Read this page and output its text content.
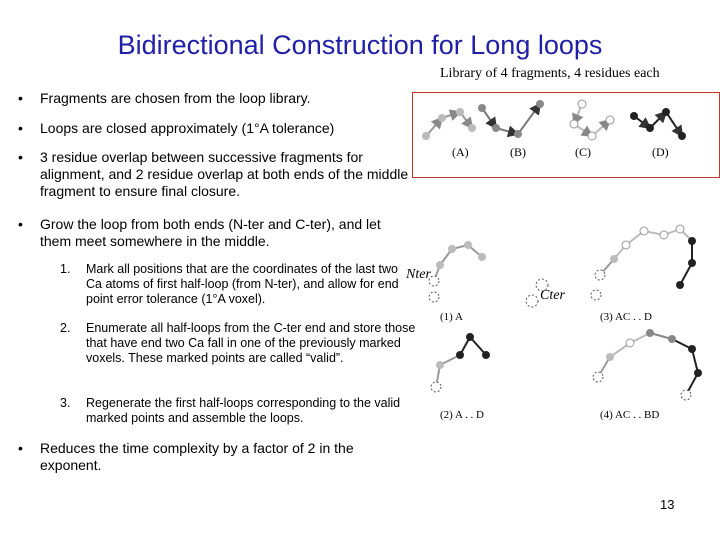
Bidirectional Construction for Long loops
• Fragments are chosen from the loop library.
• Loops are closed approximately (1°A tolerance)
• 3 residue overlap between successive fragments for alignment, and 2 residue overlap at both ends of the middle fragment to ensure final closure.
• Grow the loop from both ends (N-ter and C-ter), and let them meet somewhere in the middle.
1. Mark all positions that are the coordinates of the last two Ca atoms of first half-loop (from N-ter), and allow for end point error tolerance (1°A voxel).
2. Enumerate all half-loops from the C-ter end and store those that have end two Ca fall in one of the previously marked voxels. These marked points are called “valid”.
3. Regenerate the first half-loops corresponding to the valid marked points and assemble the loops.
• Reduces the time complexity by a factor of 2 in the exponent.
Library of 4 fragments, 4 residues each
(A)	(B)	(C)	(D)
Nter
Cter
(1) A	(3) AC . . D
(2) A . . D	(4) AC . . BD
13
